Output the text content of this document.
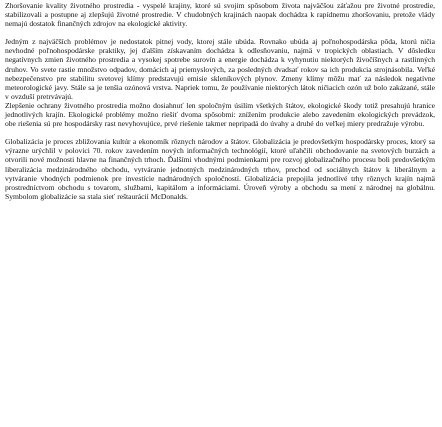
Zhoršovanie kvality životného prostredia - vyspelé krajiny, ktoré sú svojim spôsobom života najväčšou záťažou pre životné prostredie, stabilizovali a postupne aj zlepšujú životné prostredie. V chudobných krajinách naopak dochádza k rapídnemu zhoršovaniu, pretože vlády nemajú dostatok finančných zdrojov na ekologické aktivity.

Jedným z najväčších problémov je nedostatok pitnej vody, ktorej stále ubúda. Rovnako ubúda aj poľnohospodárska pôda, ktorú ničia nevhodné poľnohospodárske praktiky, jej ďalším získavaním dochádza k odlesňovaniu, najmä v tropických oblastiach. V dôsledku negatívnych zmien životného prostredia a vysokej spotrebe surovín a energie dochádza k vyhynutiu niektorých živočíšnych a rastlinných druhov. Vo svete rastie množstvo odpadov, domácich aj priemyslových, za posledných dvadsať rokov sa ich produkcia strojnásobila. Veľké nebezpečenstvo pre stabilitu svetovej klímy predstavujú emisie skleníkových plynov. Zmeny klímy môžu mať za následok negatívne meteorologické javy. Stále sa je tenšia ozónová vrstva. Napriek tomu, že používanie niektorých látok ničiacich ozón už bolo zakázané, stále v ovzduší pretrvávajú.

Zlepšenie ochrany životného prostredia možno dosiahnuť len spoločným úsilím všetkých štátov, ekologické škody totiž presahujú hranice jednotlivých krajín. Ekologické problémy možno riešiť dvoma spôsobmi: znížením produkcie alebo zavedením ekologických prevádzok, obe riešenia sú pre hospodársky rast nevyhovujúce, prvé riešenie takmer nepripadá do úvahy a druhé do veľkej miery predražuje výrobu.

Globalizácia je proces zbližovania kultúr a ekonomík rôznych národov a štátov. Globalizácia je predovšetkým hospodársky proces, ktorý sa výrazne urýchlil v polovici 70. rokov zavedením nových informačných technológií, ktoré uľahčili obchodovanie na svetových burzách a otvorili nové možnosti hlavne na finančných trhoch. Ďalšími vhodnými podmienkami pre rozvoj globalizačného procesu boli predovšetkým liberalizácia medzinárodného obchodu, vytváranie jednotných medzinárodných trhov, prechod od sociálnych štátov k liberálnym a vytváranie vhodných podmienok pre investície nadnárodných spoločností. Globalizácia prepojila jednotlivé trhy rôznych krajín najmä prostredníctvom obchodu s tovarom, službami, kapitálom a informáciami. Úroveň výroby a obchodu sa mení z národnej na globálnu. Symbolom globalizácie sa stala sieť reštaurácií McDonalds.
